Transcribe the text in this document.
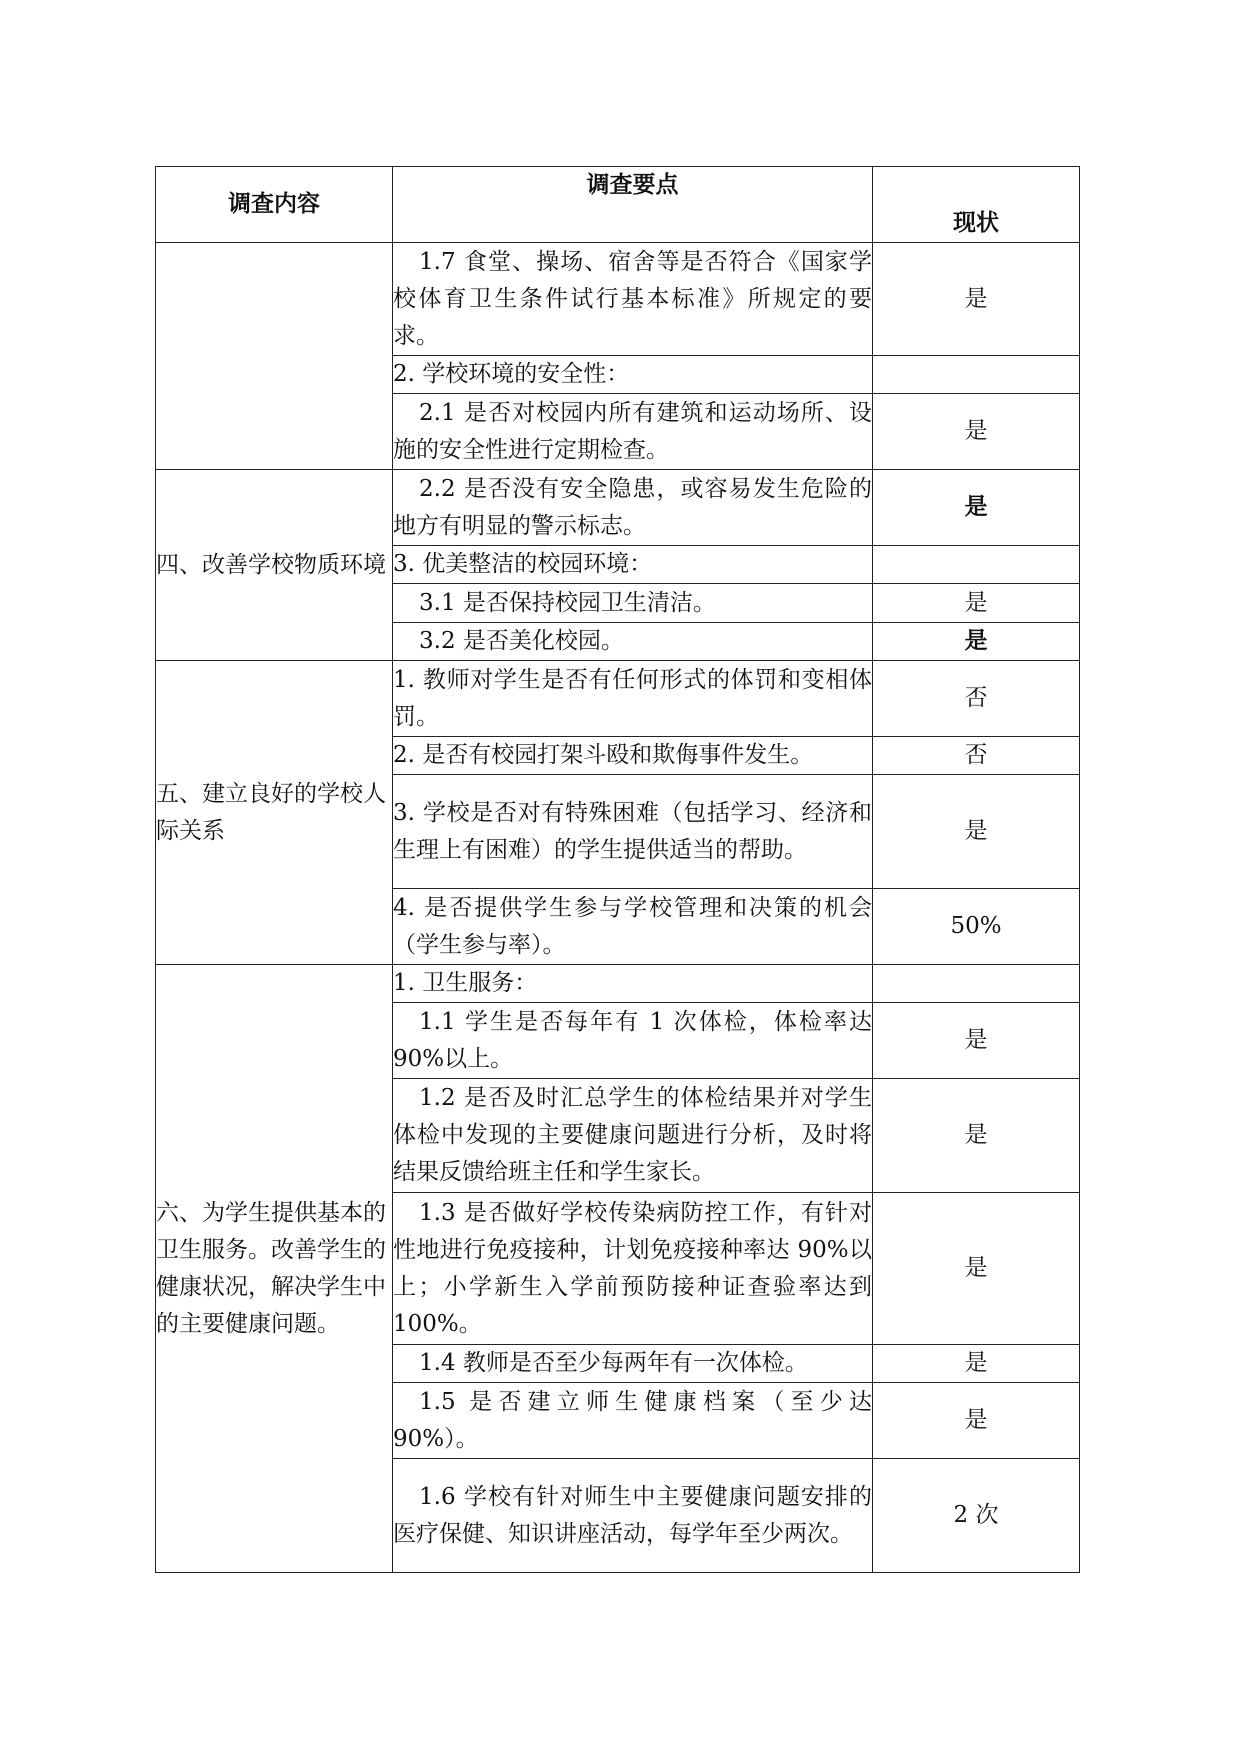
调查内容	调查要点	现状
	1.7 食堂、操场、宿舍等是否符合《国家学校体育卫生条件试行基本标准》所规定的要求。	是
	2. 学校环境的安全性：	
	2.1 是否对校园内所有建筑和运动场所、设施的安全性进行定期检查。	是
四、改善学校物质环境	2.2 是否没有安全隐患，或容易发生危险的地方有明显的警示标志。	是
	3. 优美整洁的校园环境：	
	3.1 是否保持校园卫生清洁。	是
	3.2 是否美化校园。	是
五、建立良好的学校人际关系	1. 教师对学生是否有任何形式的体罚和变相体罚。	否
	2. 是否有校园打架斗殴和欺侮事件发生。	否
	3. 学校是否对有特殊困难（包括学习、经济和生理上有困难）的学生提供适当的帮助。	是
	4. 是否提供学生参与学校管理和决策的机会（学生参与率）。	50%
六、为学生提供基本的卫生服务。改善学生的健康状况，解决学生中的主要健康问题。	1. 卫生服务：	
	1.1 学生是否每年有 1 次体检，体检率达 90%以上。	是
	1.2 是否及时汇总学生的体检结果并对学生体检中发现的主要健康问题进行分析，及时将结果反馈给班主任和学生家长。	是
	1.3 是否做好学校传染病防控工作，有针对性地进行免疫接种，计划免疫接种率达 90%以上；小学新生入学前预防接种证查验率达到 100%。	是
	1.4 教师是否至少每两年有一次体检。	是
	1.5 是否建立师生健康档案（至少达 90%）。	是
	1.6 学校有针对师生中主要健康问题安排的医疗保健、知识讲座活动，每学年至少两次。	2 次
